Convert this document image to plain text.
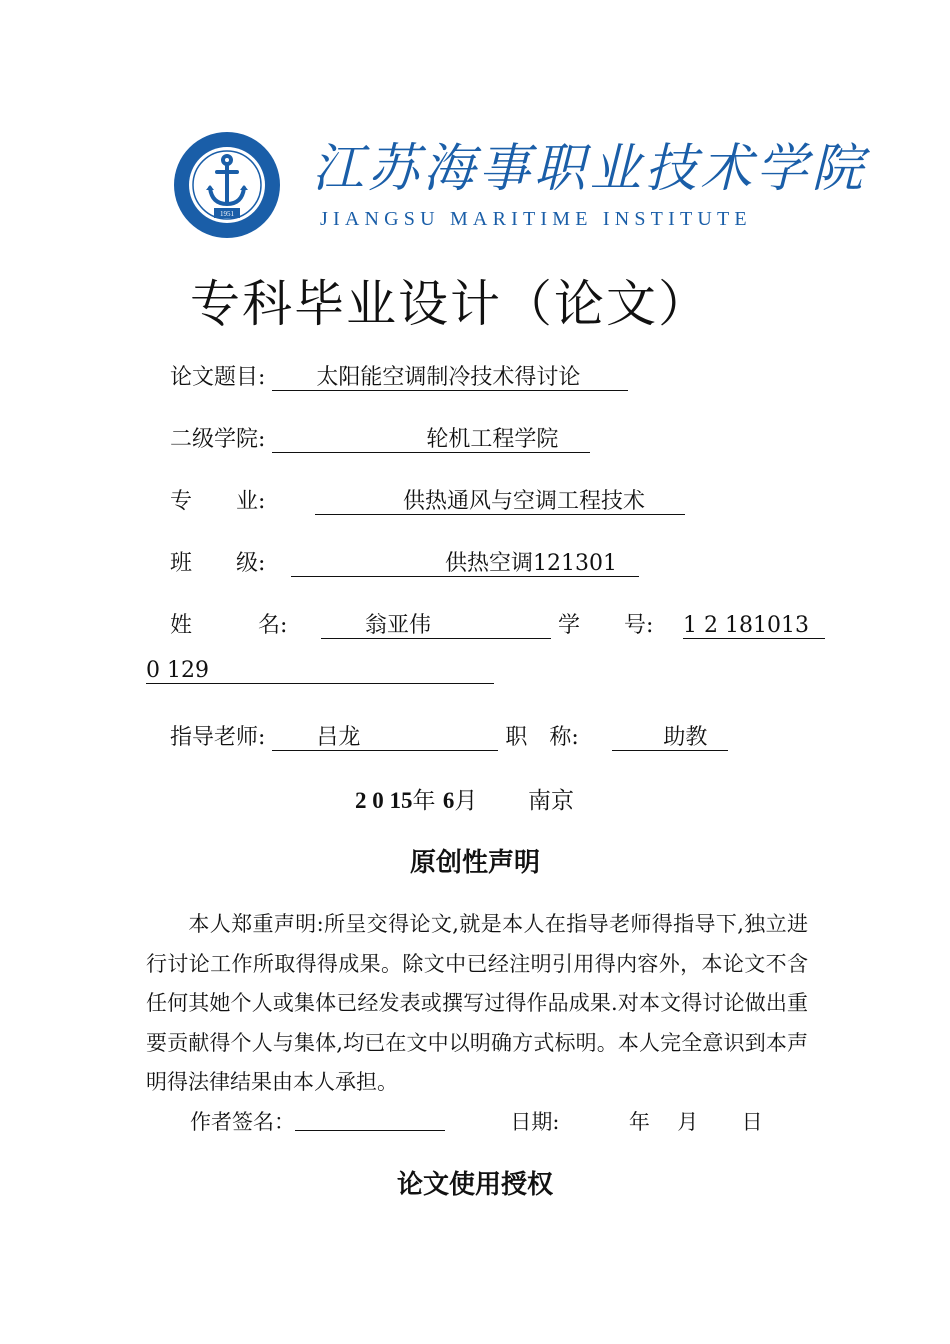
1951
江苏海事职业技术学院
JIANGSU MARITIME INSTITUTE
专科毕业设计（论文）
论文题目: 　　太阳能空调制冷技术得讨论
二级学院: 　　　　　　　轮机工程学院
专　　业: 　　　　供热通风与空调工程技术
班　　级: 　　　　　　　供热空调121301
姓　　　名: 　　翁亚伟　　　　　 学　　号: 1 2 181013
0 129
指导老师: 　　吕龙　　　　　 职　称: 　　 助教
2 0 15年 6月 南京
原创性声明
本人郑重声明:所呈交得论文,就是本人在指导老师得指导下,独立进行讨论工作所取得得成果。除文中已经注明引用得内容外，本论文不含任何其她个人或集体已经发表或撰写过得作品成果.对本文得讨论做出重要贡献得个人与集体,均已在文中以明确方式标明。本人完全意识到本声明得法律结果由本人承担。
作者签名：	日期:	年 月 日
论文使用授权
